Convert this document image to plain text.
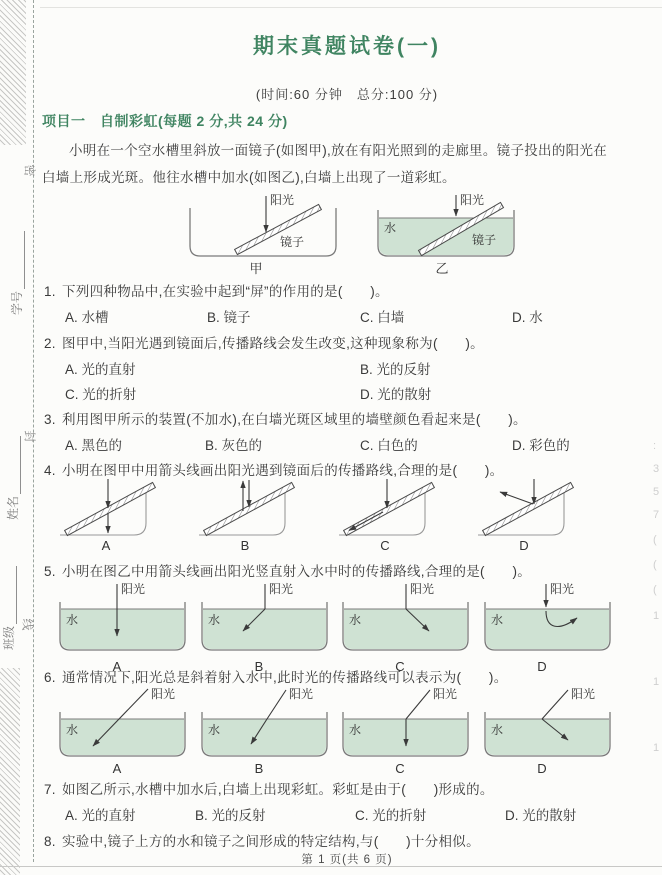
密
封
线
学号
姓名
班级
:
3
5
7
(
(
(
1
1
1
期末真题试卷(一)
(时间:60 分钟　总分:100 分)
项目一　自制彩虹(每题 2 分,共 24 分)
小明在一个空水槽里斜放一面镜子(如图甲),放在有阳光照到的走廊里。镜子投出的阳光在
白墙上形成光斑。他往水槽中加水(如图乙),白墙上出现了一道彩虹。
阳光
镜子
甲
阳光
水
镜子
乙
1. 下列四种物品中,在实验中起到“屏”的作用的是(　　)。
A. 水槽	B. 镜子	C. 白墙	D. 水
2. 图甲中,当阳光遇到镜面后,传播路线会发生改变,这种现象称为(　　)。
A. 光的直射	B. 光的反射
C. 光的折射	D. 光的散射
3. 利用图甲所示的装置(不加水),在白墙光斑区域里的墙壁颜色看起来是(　　)。
A. 黑色的	B. 灰色的	C. 白色的	D. 彩色的
4. 小明在图甲中用箭头线画出阳光遇到镜面后的传播路线,合理的是(　　)。
A	B	C	D
5. 小明在图乙中用箭头线画出阳光竖直射入水中时的传播路线,合理的是(　　)。
阳光
水
A
阳光
水
B
阳光
水
C
阳光
水
D
6. 通常情况下,阳光总是斜着射入水中,此时光的传播路线可以表示为(　　)。
阳光
水
A
阳光
水
B
阳光
水
C
阳光
水
D
7. 如图乙所示,水槽中加水后,白墙上出现彩虹。彩虹是由于(　　)形成的。
A. 光的直射	B. 光的反射	C. 光的折射	D. 光的散射
8. 实验中,镜子上方的水和镜子之间形成的特定结构,与(　　)十分相似。
第 1 页(共 6 页)
